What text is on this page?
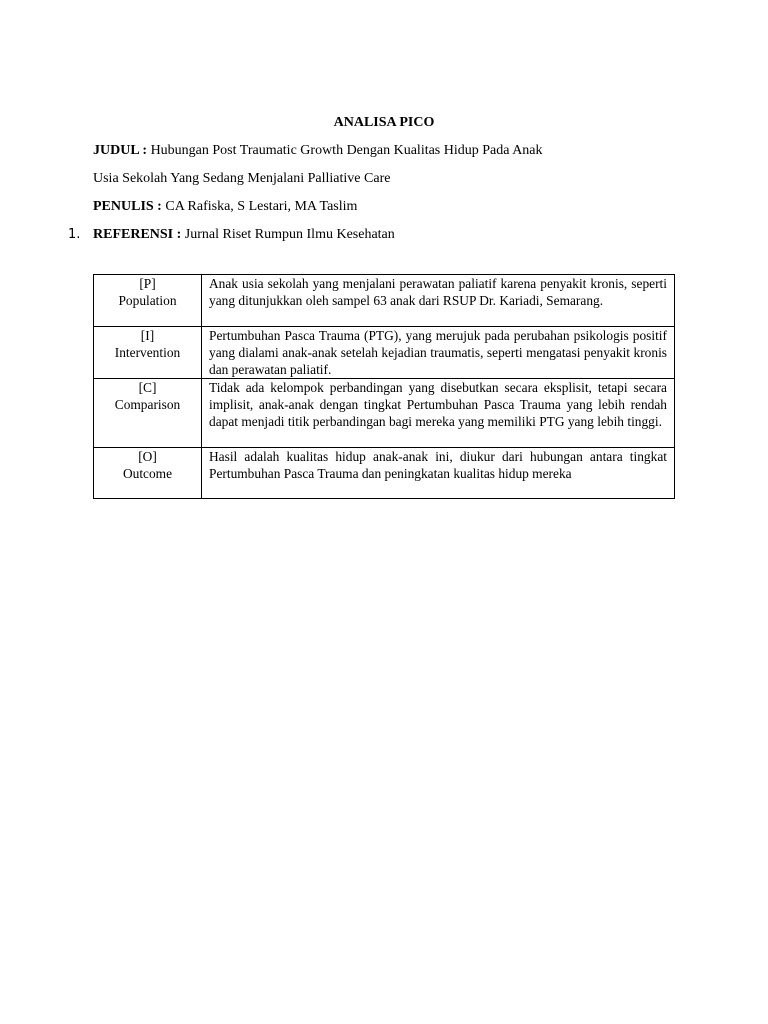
ANALISA PICO
JUDUL : Hubungan Post Traumatic Growth Dengan Kualitas Hidup Pada Anak
Usia Sekolah Yang Sedang Menjalani Palliative Care
PENULIS : CA Rafiska, S Lestari, MA Taslim
1. REFERENSI : Jurnal Riset Rumpun Ilmu Kesehatan
[P]
Population	Anak usia sekolah yang menjalani perawatan paliatif karena penyakit kronis, seperti yang ditunjukkan oleh sampel 63 anak dari RSUP Dr. Kariadi, Semarang.

[I]
Intervention	Pertumbuhan Pasca Trauma (PTG), yang merujuk pada perubahan psikologis positif yang dialami anak-anak setelah kejadian traumatis, seperti mengatasi penyakit kronis dan perawatan paliatif.

[C]
Comparison	Tidak ada kelompok perbandingan yang disebutkan secara eksplisit, tetapi secara implisit, anak-anak dengan tingkat Pertumbuhan Pasca Trauma yang lebih rendah dapat menjadi titik perbandingan bagi mereka yang memiliki PTG yang lebih tinggi.

[O]
Outcome	Hasil adalah kualitas hidup anak-anak ini, diukur dari hubungan antara tingkat Pertumbuhan Pasca Trauma dan peningkatan kualitas hidup mereka
